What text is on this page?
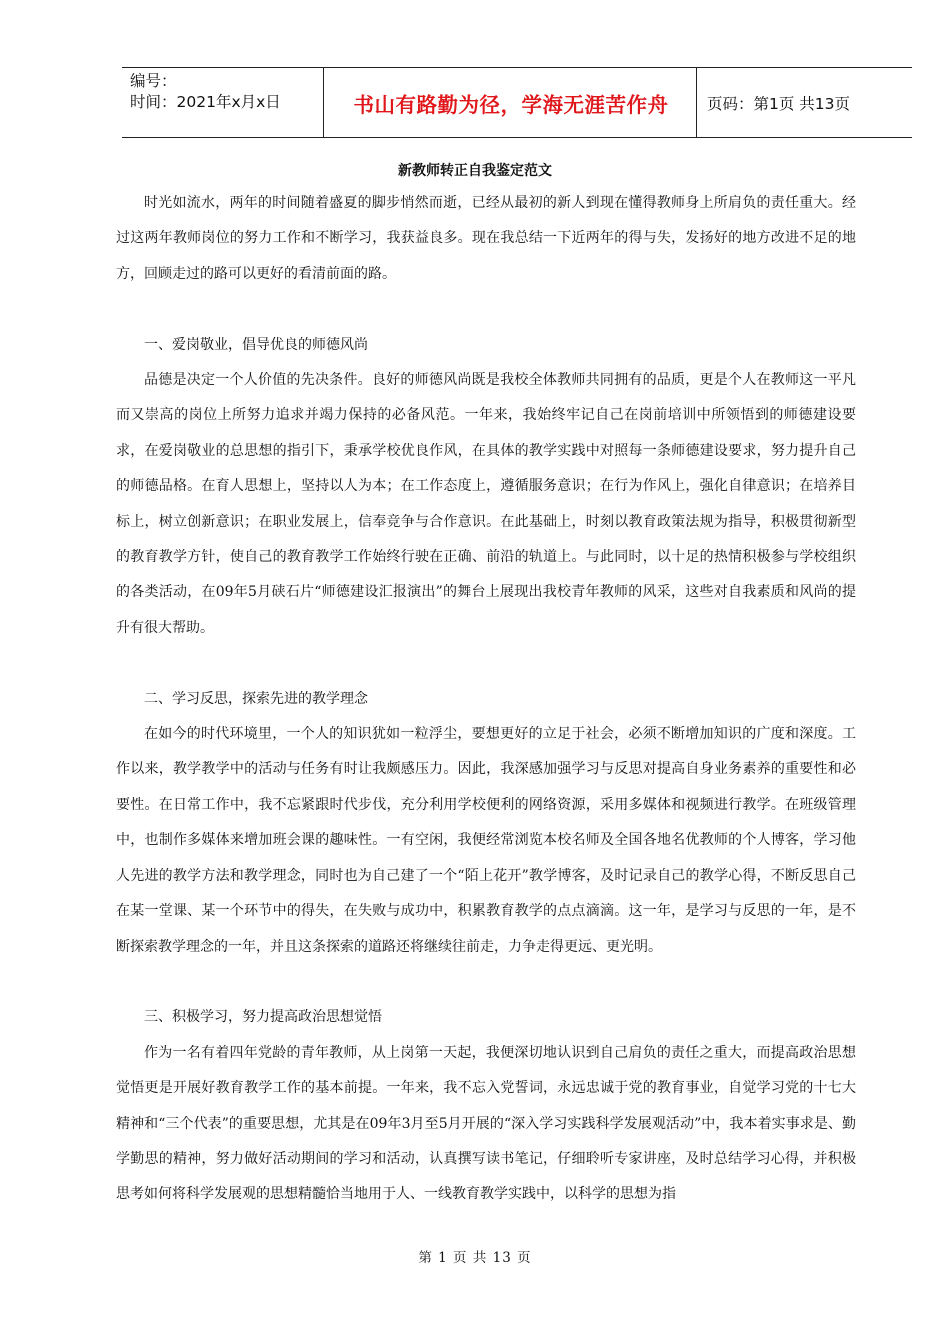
编号：
时间：2021年x月x日	书山有路勤为径，学海无涯苦作舟	页码：第1页 共13页
新教师转正自我鉴定范文

时光如流水，两年的时间随着盛夏的脚步悄然而逝，已经从最初的新人到现在懂得教师身上所肩负的责任重大。经过这两年教师岗位的努力工作和不断学习，我获益良多。现在我总结一下近两年的得与失，发扬好的地方改进不足的地方，回顾走过的路可以更好的看清前面的路。

一、爱岗敬业，倡导优良的师德风尚

品德是决定一个人价值的先决条件。良好的师德风尚既是我校全体教师共同拥有的品质，更是个人在教师这一平凡而又崇高的岗位上所努力追求并竭力保持的必备风范。一年来，我始终牢记自己在岗前培训中所领悟到的师德建设要求，在爱岗敬业的总思想的指引下，秉承学校优良作风，在具体的教学实践中对照每一条师德建设要求，努力提升自己的师德品格。在育人思想上，坚持以人为本；在工作态度上，遵循服务意识；在行为作风上，强化自律意识；在培养目标上，树立创新意识；在职业发展上，信奉竞争与合作意识。在此基础上，时刻以教育政策法规为指导，积极贯彻新型的教育教学方针，使自己的教育教学工作始终行驶在正确、前沿的轨道上。与此同时，以十足的热情积极参与学校组织的各类活动，在09年5月硖石片“师德建设汇报演出”的舞台上展现出我校青年教师的风采，这些对自我素质和风尚的提升有很大帮助。

二、学习反思，探索先进的教学理念

在如今的时代环境里，一个人的知识犹如一粒浮尘，要想更好的立足于社会，必须不断增加知识的广度和深度。工作以来，教学教学中的活动与任务有时让我颇感压力。因此，我深感加强学习与反思对提高自身业务素养的重要性和必要性。在日常工作中，我不忘紧跟时代步伐，充分利用学校便利的网络资源，采用多媒体和视频进行教学。在班级管理中，也制作多媒体来增加班会课的趣味性。一有空闲，我便经常浏览本校名师及全国各地名优教师的个人博客，学习他人先进的教学方法和教学理念，同时也为自己建了一个“陌上花开”教学博客，及时记录自己的教学心得，不断反思自己在某一堂课、某一个环节中的得失，在失败与成功中，积累教育教学的点点滴滴。这一年，是学习与反思的一年，是不断探索教学理念的一年，并且这条探索的道路还将继续往前走，力争走得更远、更光明。

三、积极学习，努力提高政治思想觉悟

作为一名有着四年党龄的青年教师，从上岗第一天起，我便深切地认识到自己肩负的责任之重大，而提高政治思想觉悟更是开展好教育教学工作的基本前提。一年来，我不忘入党誓词，永远忠诚于党的教育事业，自觉学习党的十七大精神和“三个代表”的重要思想，尤其是在09年3月至5月开展的“深入学习实践科学发展观活动”中，我本着实事求是、勤学勤思的精神，努力做好活动期间的学习和活动，认真撰写读书笔记，仔细聆听专家讲座，及时总结学习心得，并积极思考如何将科学发展观的思想精髓恰当地用于人、一线教育教学实践中，以科学的思想为指

第 1 页 共 13 页
